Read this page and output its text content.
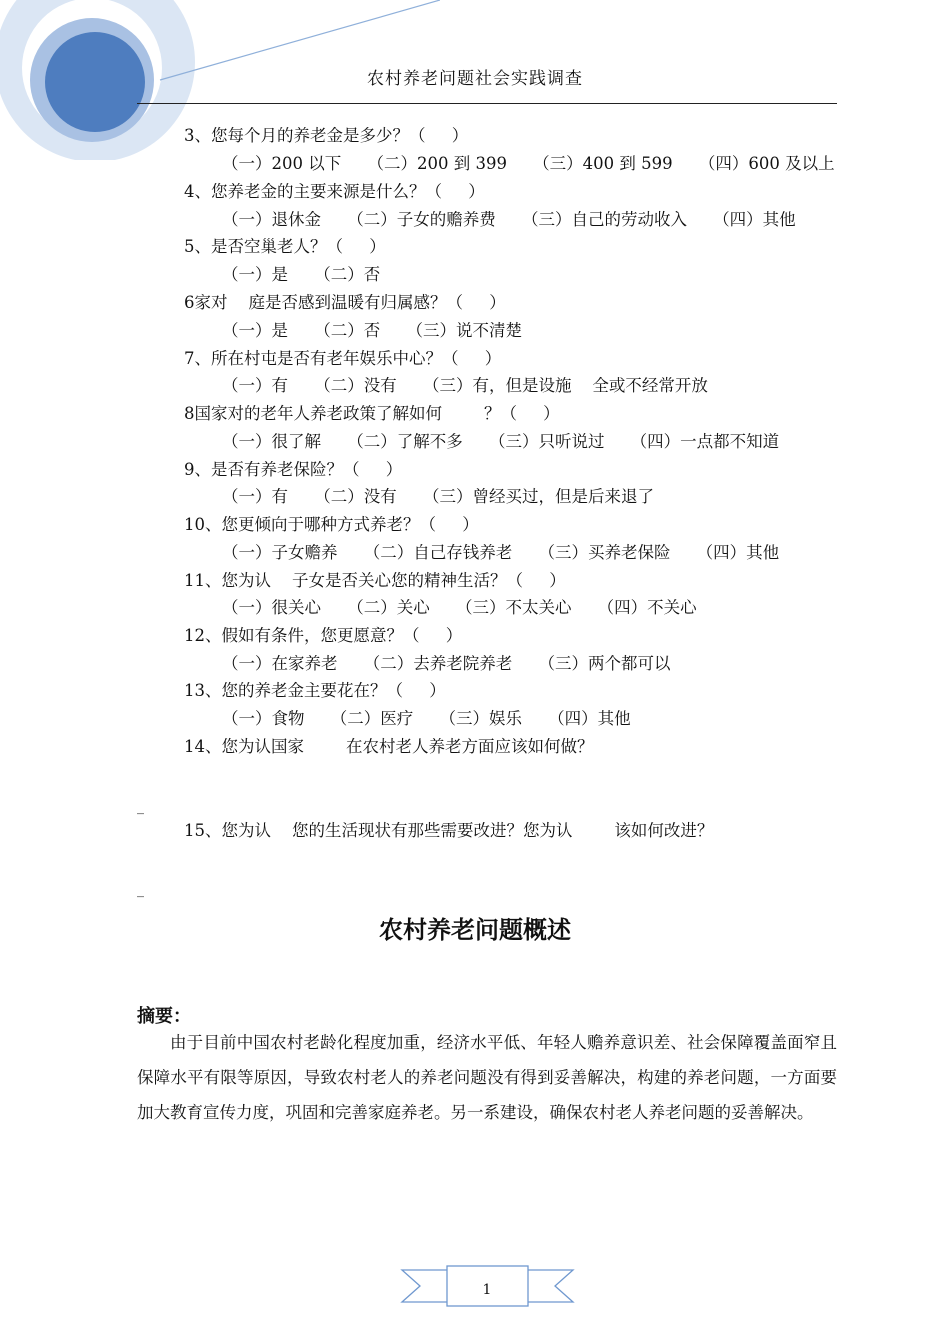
农村养老问题社会实践调查
3、您每个月的养老金是多少？（     ）
（一）200 以下     （二）200 到 399     （三）400 到 599     （四）600 及以上
4、您养老金的主要来源是什么？（     ）
（一）退休金     （二）子女的赡养费     （三）自己的劳动收入     （四）其他
5、是否空巢老人？（     ）
（一）是     （二）否
6家对    庭是否感到温暖有归属感？（     ）
（一）是     （二）否     （三）说不清楚
7、所在村屯是否有老年娱乐中心？（     ）
（一）有     （二）没有     （三）有，但是设施    全或不经常开放
8国家对的老年人养老政策了解如何        ？（     ）
（一）很了解     （二）了解不多     （三）只听说过     （四）一点都不知道
9、是否有养老保险？（     ）
（一）有     （二）没有     （三）曾经买过，但是后来退了
10、您更倾向于哪种方式养老？（     ）
（一）子女赡养     （二）自己存钱养老     （三）买养老保险     （四）其他
11、您为认    子女是否关心您的精神生活？（     ）
（一）很关心     （二）关心     （三）不太关心     （四）不关心
12、假如有条件，您更愿意？（     ）
（一）在家养老     （二）去养老院养老     （三）两个都可以
13、您的养老金主要花在？（     ）
（一）食物     （二）医疗     （三）娱乐     （四）其他
14、您为认国家        在农村老人养老方面应该如何做？
_
15、您为认    您的生活现状有那些需要改进？您为认        该如何改进？
_
农村养老问题概述
摘要：

由于目前中国农村老龄化程度加重，经济水平低、年轻人赡养意识差、社会保障覆盖面窄且保障水平有限等原因，导致农村老人的养老问题没有得到妥善解决，构建的养老问题，一方面要加大教育宣传力度，巩固和完善家庭养老。另一系建设，确保农村老人养老问题的妥善解决。

1
